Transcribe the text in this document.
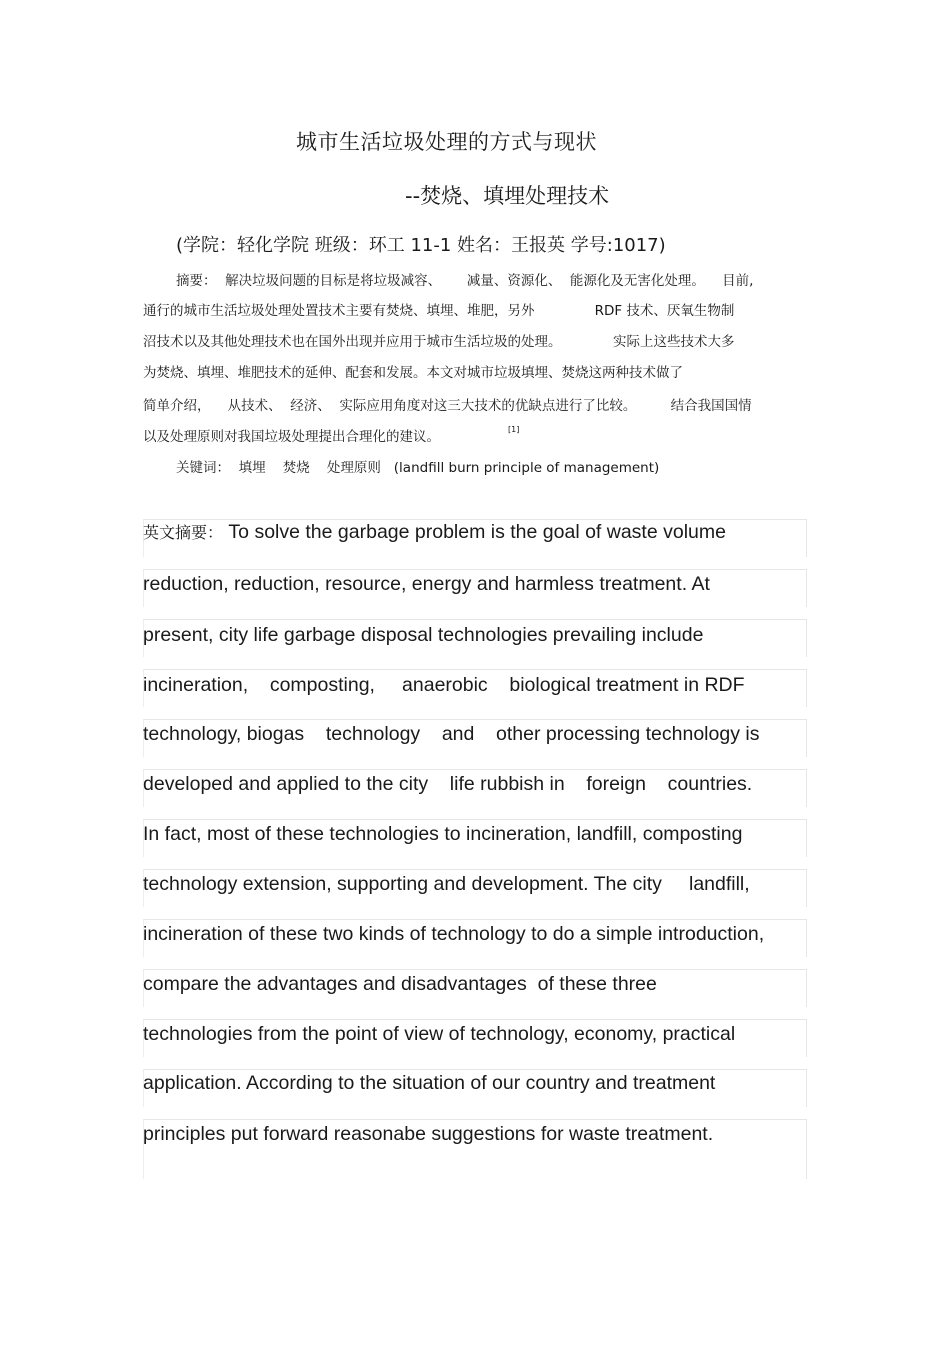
城市生活垃圾处理的方式与现状
--焚烧、填埋处理技术
(学院：轻化学院 班级：环工 11-1 姓名：王报英 学号:1017)
摘要：  解决垃圾问题的目标是将垃圾减容、      减量、资源化、  能源化及无害化处理。    目前,
通行的城市生活垃圾处理处置技术主要有焚烧、填埋、堆肥，另外              RDF 技术、厌氧生物制
沼技术以及其他处理技术也在国外出现并应用于城市生活垃圾的处理。            实际上这些技术大多
为焚烧、填埋、堆肥技术的延伸、配套和发展。本文对城市垃圾填埋、焚烧这两种技术做了
简单介绍，    从技术、  经济、  实际应用角度对这三大技术的优缺点进行了比较。        结合我国国情
以及处理原则对我国垃圾处理提出合理化的建议。	[1]
关键词：  填埋    焚烧    处理原则   (landfill burn principle of management)
英文摘要： To solve the garbage problem is the goal of waste volume
reduction, reduction, resource, energy and harmless treatment. At
present, city life garbage disposal technologies prevailing include
incineration,    composting,     anaerobic    biological treatment in RDF
technology, biogas    technology    and    other processing technology is
developed and applied to the city    life rubbish in    foreign    countries.
In fact, most of these technologies to incineration, landfill, composting
technology extension, supporting and development. The city     landfill,
incineration of these two kinds of technology to do a simple introduction,
compare the advantages and disadvantages  of these three
technologies from the point of view of technology, economy, practical
application. According to the situation of our country and treatment
principles put forward reasonabe suggestions for waste treatment.
